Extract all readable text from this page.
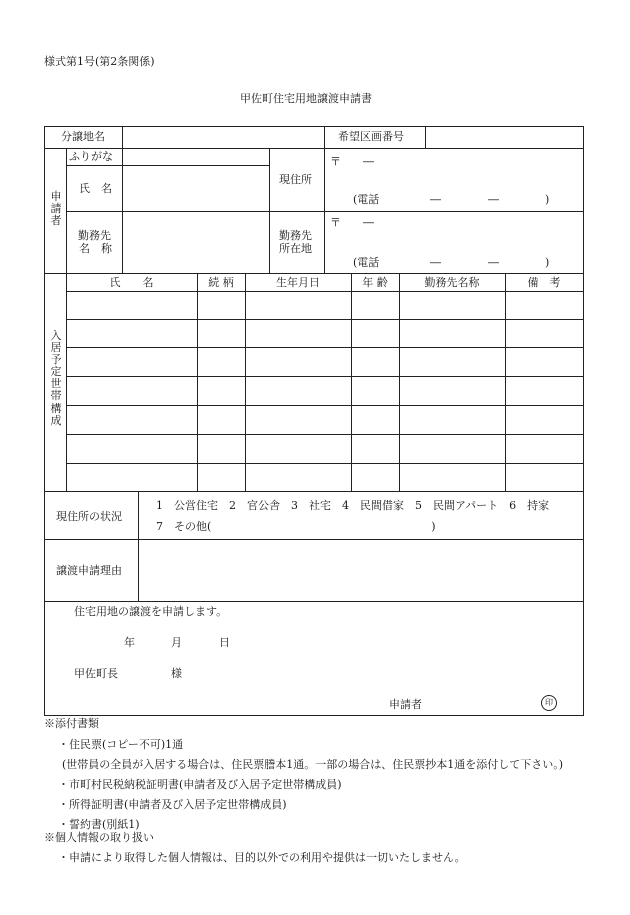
様式第1号(第2条関係)
甲佐町住宅用地譲渡申請書
分譲地名	希望区画番号
申請者
ふりがな
氏　名
現住所
〒　　―
(電話	―	―	)
勤務先
名　称
勤務先
所在地
〒　　―
(電話	―	―	)
入居予定世帯構成
氏　　名	続 柄	生年月日	年 齢	勤務先名称	備　考
現住所の状況
1　公営住宅　2　官公舎　3　社宅　4　民間借家　5　民間アパート　6　持家
7　その他(　　　　　　　　　　　　　　　　　　　　)
譲渡申請理由
住宅用地の譲渡を申請します。
年	月	日
甲佐町長	様
申請者	印
※添付書類
・住民票(コピー不可)1通
(世帯員の全員が入居する場合は、住民票謄本1通。一部の場合は、住民票抄本1通を添付して下さい。)
・市町村民税納税証明書(申請者及び入居予定世帯構成員)
・所得証明書(申請者及び入居予定世帯構成員)
・誓約書(別紙1)
※個人情報の取り扱い
・申請により取得した個人情報は、目的以外での利用や提供は一切いたしません。
